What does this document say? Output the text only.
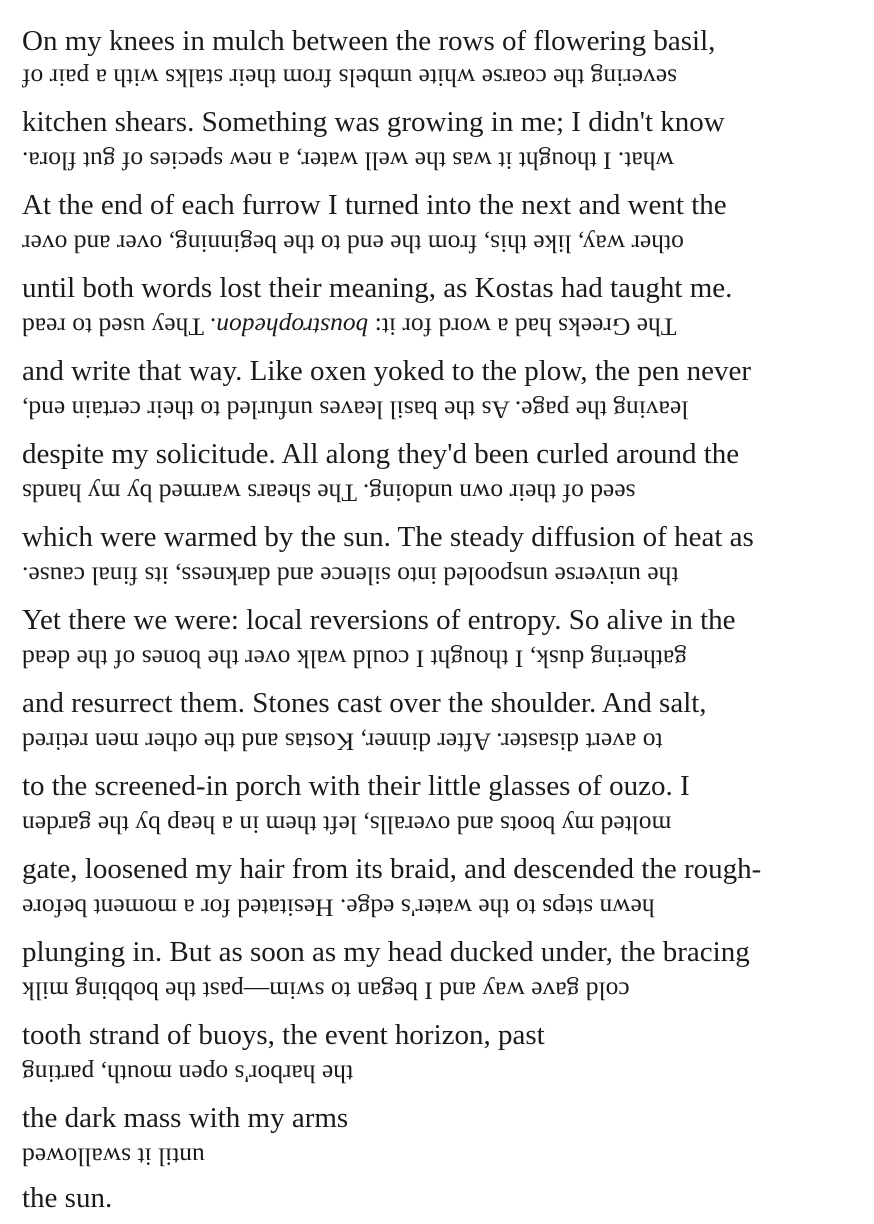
On my knees in mulch between the rows of flowering basil,
severing the coarse white umbels from their stalks with a pair of
kitchen shears. Something was growing in me; I didn't know
what. I thought it was the well water, a new species of gut flora.
At the end of each furrow I turned into the next and went the
other way, like this, from the end to the beginning, over and over
until both words lost their meaning, as Kostas had taught me.
The Greeks had a word for it: boustrophedon. They used to read
and write that way. Like oxen yoked to the plow, the pen never
leaving the page. As the basil leaves unfurled to their certain end,
despite my solicitude. All along they'd been curled around the
seed of their own undoing. The shears warmed by my hands
which were warmed by the sun. The steady diffusion of heat as
the universe unspooled into silence and darkness, its final cause.
Yet there we were: local reversions of entropy. So alive in the
gathering dusk, I thought I could walk over the bones of the dead
and resurrect them. Stones cast over the shoulder. And salt,
to avert disaster. After dinner, Kostas and the other men retired
to the screened-in porch with their little glasses of ouzo. I
molted my boots and overalls, left them in a heap by the garden
gate, loosened my hair from its braid, and descended the rough-
hewn steps to the water's edge. Hesitated for a moment before
plunging in. But as soon as my head ducked under, the bracing
cold gave way and I began to swim—past the bobbing milk
tooth strand of buoys, the event horizon, past
the harbor's open mouth, parting
the dark mass with my arms
until it swallowed
the sun.
